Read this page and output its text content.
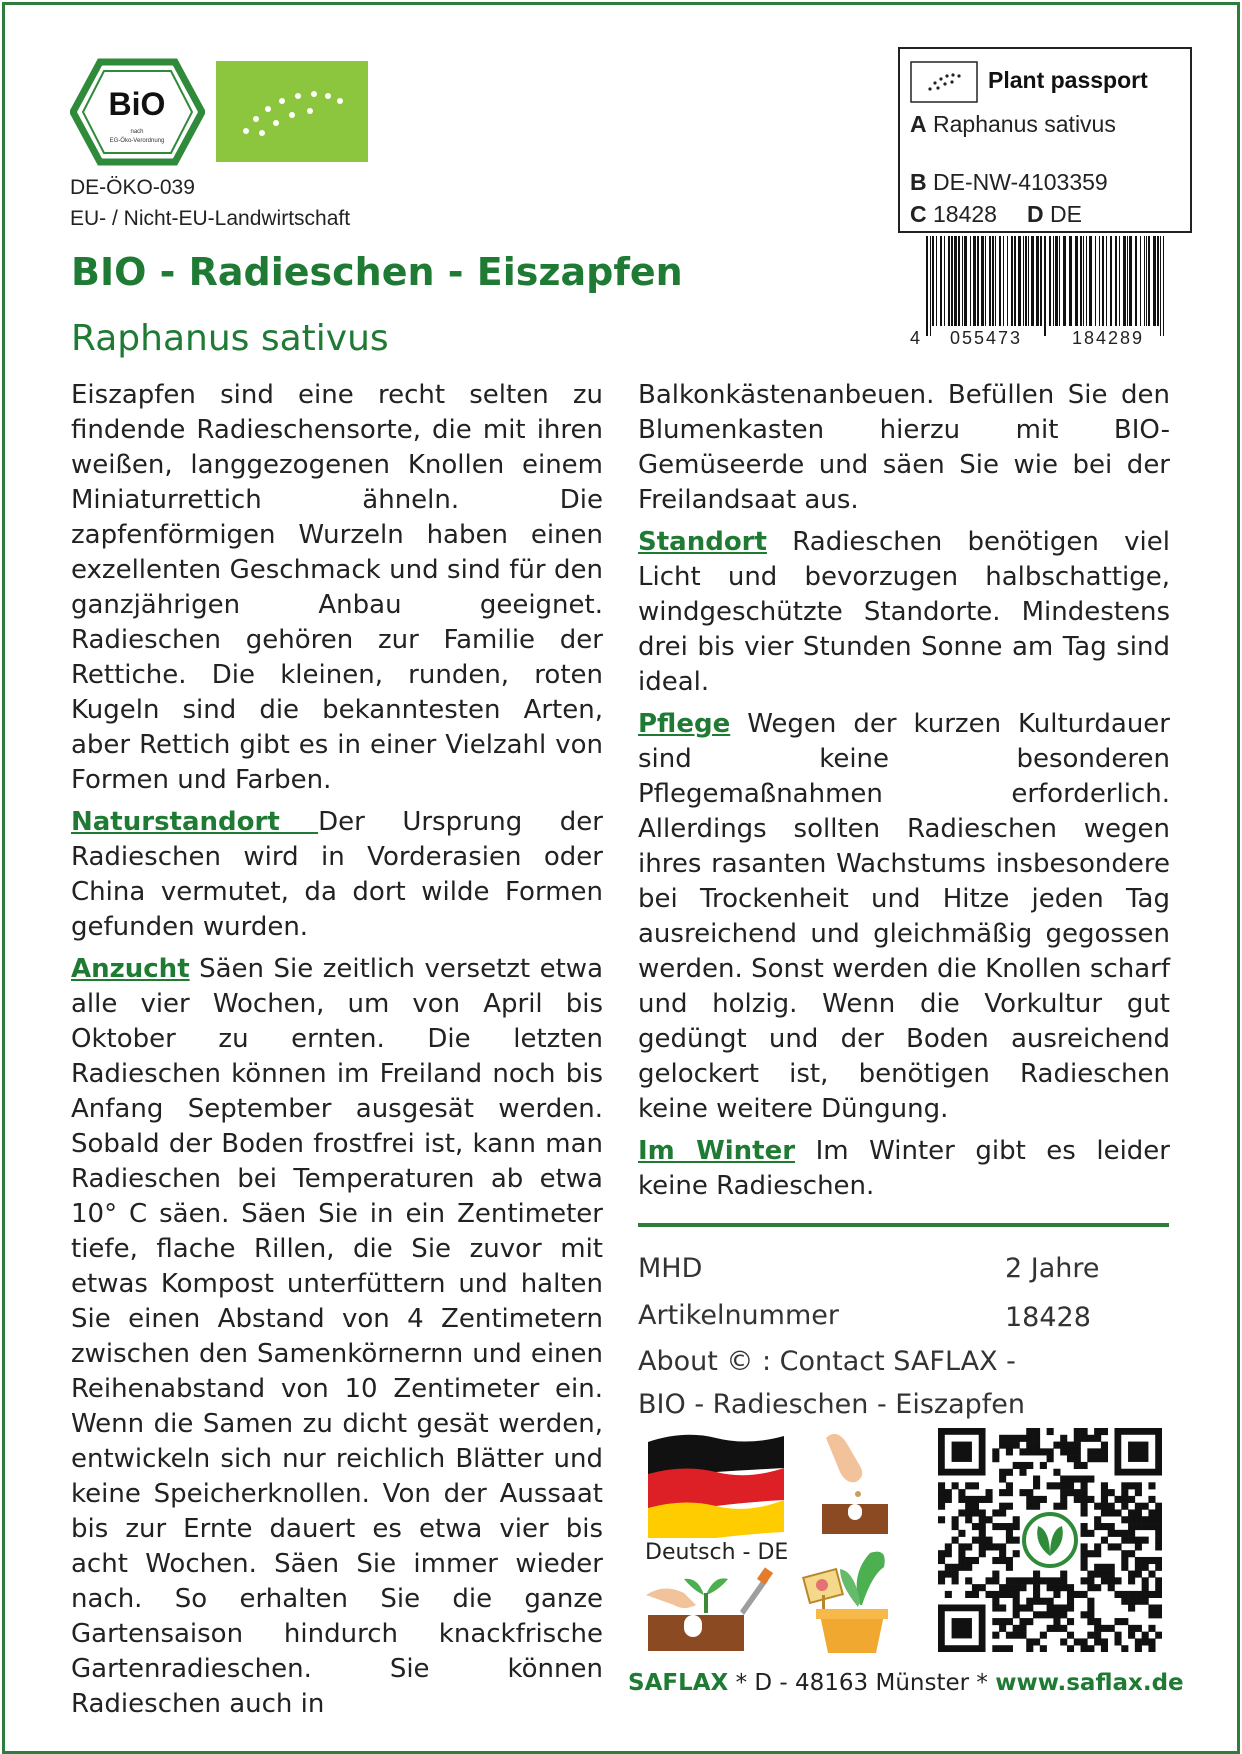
BiO
nach
EG-Öko-Verordnung
DE-ÖKO-039
EU- / Nicht-EU-Landwirtschaft
Plant passport
A Raphanus sativus
B DE-NW-4103359
C 18428 D DE
4 055473	184289
BIO - Radieschen - Eiszapfen
Raphanus sativus

Eiszapfen sind eine recht selten zu findende Radieschensorte, die mit ihren weißen, langgezogenen Knollen einem Miniaturrettich ähneln. Die zapfenförmigen Wurzeln haben einen exzellenten Geschmack und sind für den ganzjährigen Anbau geeignet. Radieschen gehören zur Familie der Rettiche. Die kleinen, runden, roten Kugeln sind die bekanntesten Arten, aber Rettich gibt es in einer Vielzahl von Formen und Farben.

Naturstandort Der Ursprung der Radieschen wird in Vorderasien oder China vermutet, da dort wilde Formen gefunden wurden.

Anzucht Säen Sie zeitlich versetzt etwa alle vier Wochen, um von April bis Oktober zu ernten. Die letzten Radieschen können im Freiland noch bis Anfang September ausgesät werden. Sobald der Boden frostfrei ist, kann man Radieschen bei Temperaturen ab etwa 10° C säen. Säen Sie in ein Zentimeter tiefe, flache Rillen, die Sie zuvor mit etwas Kompost unterfüttern und halten Sie einen Abstand von 4 Zentimetern zwischen den Samenkörnernn und einen Reihenabstand von 10 Zentimeter ein. Wenn die Samen zu dicht gesät werden, entwickeln sich nur reichlich Blätter und keine Speicherknollen. Von der Aussaat bis zur Ernte dauert es etwa vier bis acht Wochen. Säen Sie immer wieder nach. So erhalten Sie die ganze Gartensaison hindurch knackfrische Gartenradieschen. Sie können Radieschen auch in

Balkonkästenanbeuen. Befüllen Sie den Blumenkasten hierzu mit BIO-Gemüseerde und säen Sie wie bei der Freilandsaat aus.

Standort Radieschen benötigen viel Licht und bevorzugen halbschattige, windgeschützte Standorte. Mindestens drei bis vier Stunden Sonne am Tag sind ideal.

Pflege Wegen der kurzen Kulturdauer sind keine besonderen Pflegemaßnahmen erforderlich. Allerdings sollten Radieschen wegen ihres rasanten Wachstums insbesondere bei Trockenheit und Hitze jeden Tag ausreichend und gleichmäßig gegossen werden. Sonst werden die Knollen scharf und holzig. Wenn die Vorkultur gut gedüngt und der Boden ausreichend gelockert ist, benötigen Radieschen keine weitere Düngung.

Im Winter Im Winter gibt es leider keine Radieschen.

MHD	2 Jahre
Artikelnummer	18428
About © : Contact SAFLAX -
BIO - Radieschen - Eiszapfen
Deutsch - DE
SAFLAX * D - 48163 Münster * www.saflax.de
